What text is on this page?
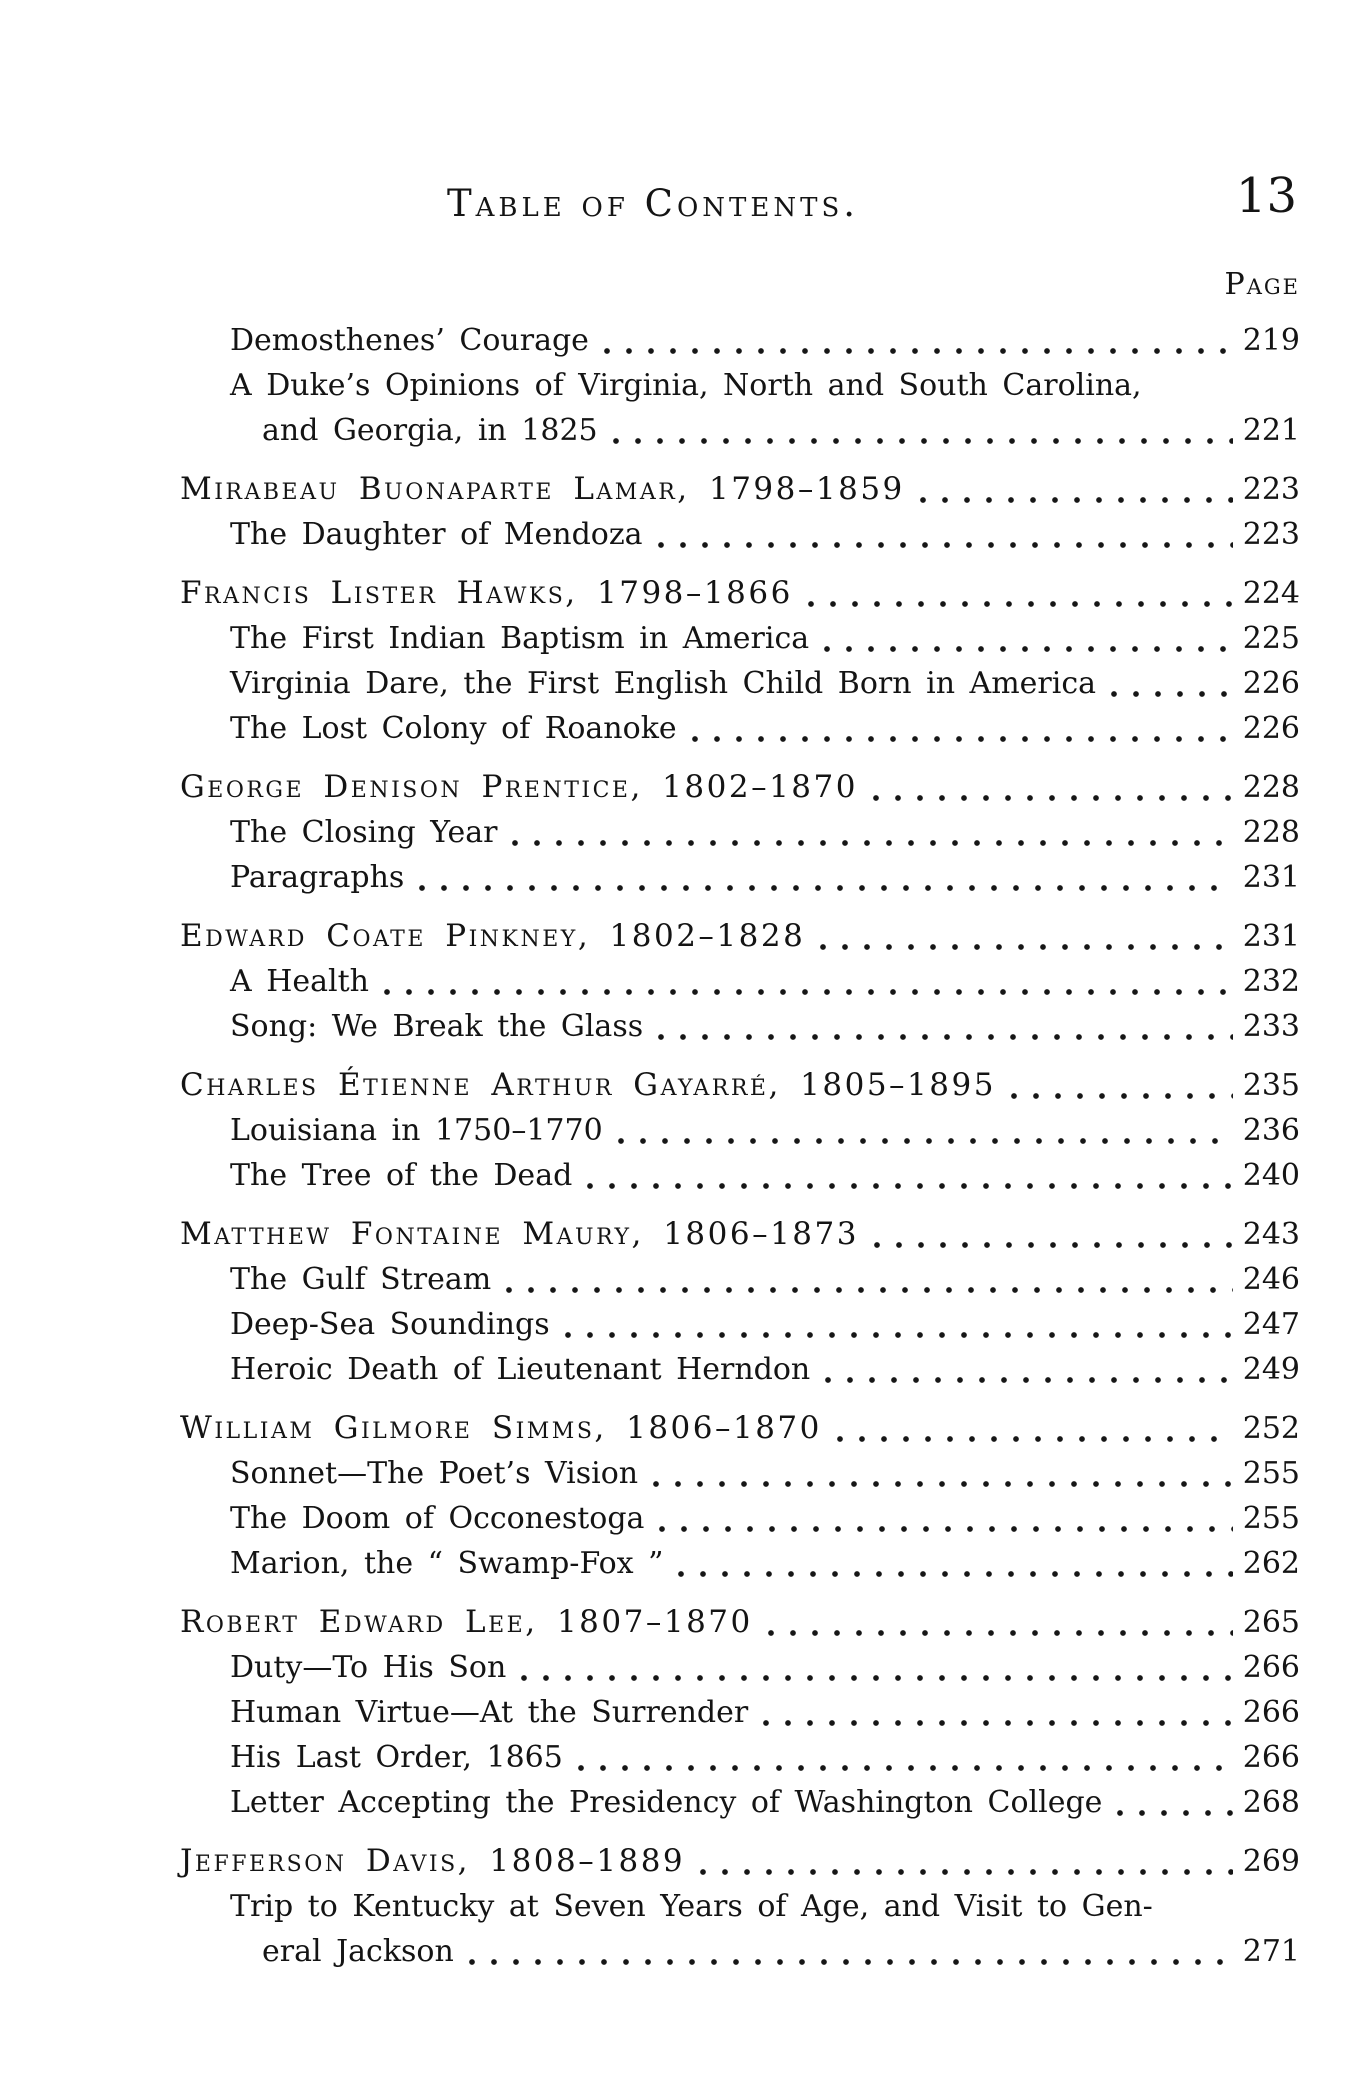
Table of Contents.	13
Page
Demosthenes’ Courage	219
A Duke’s Opinions of Virginia, North and South Carolina,
and Georgia, in 1825	221
Mirabeau Buonaparte Lamar, 1798–1859	223
The Daughter of Mendoza	223
Francis Lister Hawks, 1798–1866	224
The First Indian Baptism in America	225
Virginia Dare, the First English Child Born in America	226
The Lost Colony of Roanoke	226
George Denison Prentice, 1802–1870	228
The Closing Year	228
Paragraphs	231
Edward Coate Pinkney, 1802–1828	231
A Health	232
Song: We Break the Glass	233
Charles Étienne Arthur Gayarré, 1805–1895	235
Louisiana in 1750–1770	236
The Tree of the Dead	240
Matthew Fontaine Maury, 1806–1873	243
The Gulf Stream	246
Deep-Sea Soundings	247
Heroic Death of Lieutenant Herndon	249
William Gilmore Simms, 1806–1870	252
Sonnet—The Poet’s Vision	255
The Doom of Occonestoga	255
Marion, the “ Swamp-Fox ”	262
Robert Edward Lee, 1807–1870	265
Duty—To His Son	266
Human Virtue—At the Surrender	266
His Last Order, 1865	266
Letter Accepting the Presidency of Washington College	268
Jefferson Davis, 1808–1889	269
Trip to Kentucky at Seven Years of Age, and Visit to Gen-
eral Jackson	271
